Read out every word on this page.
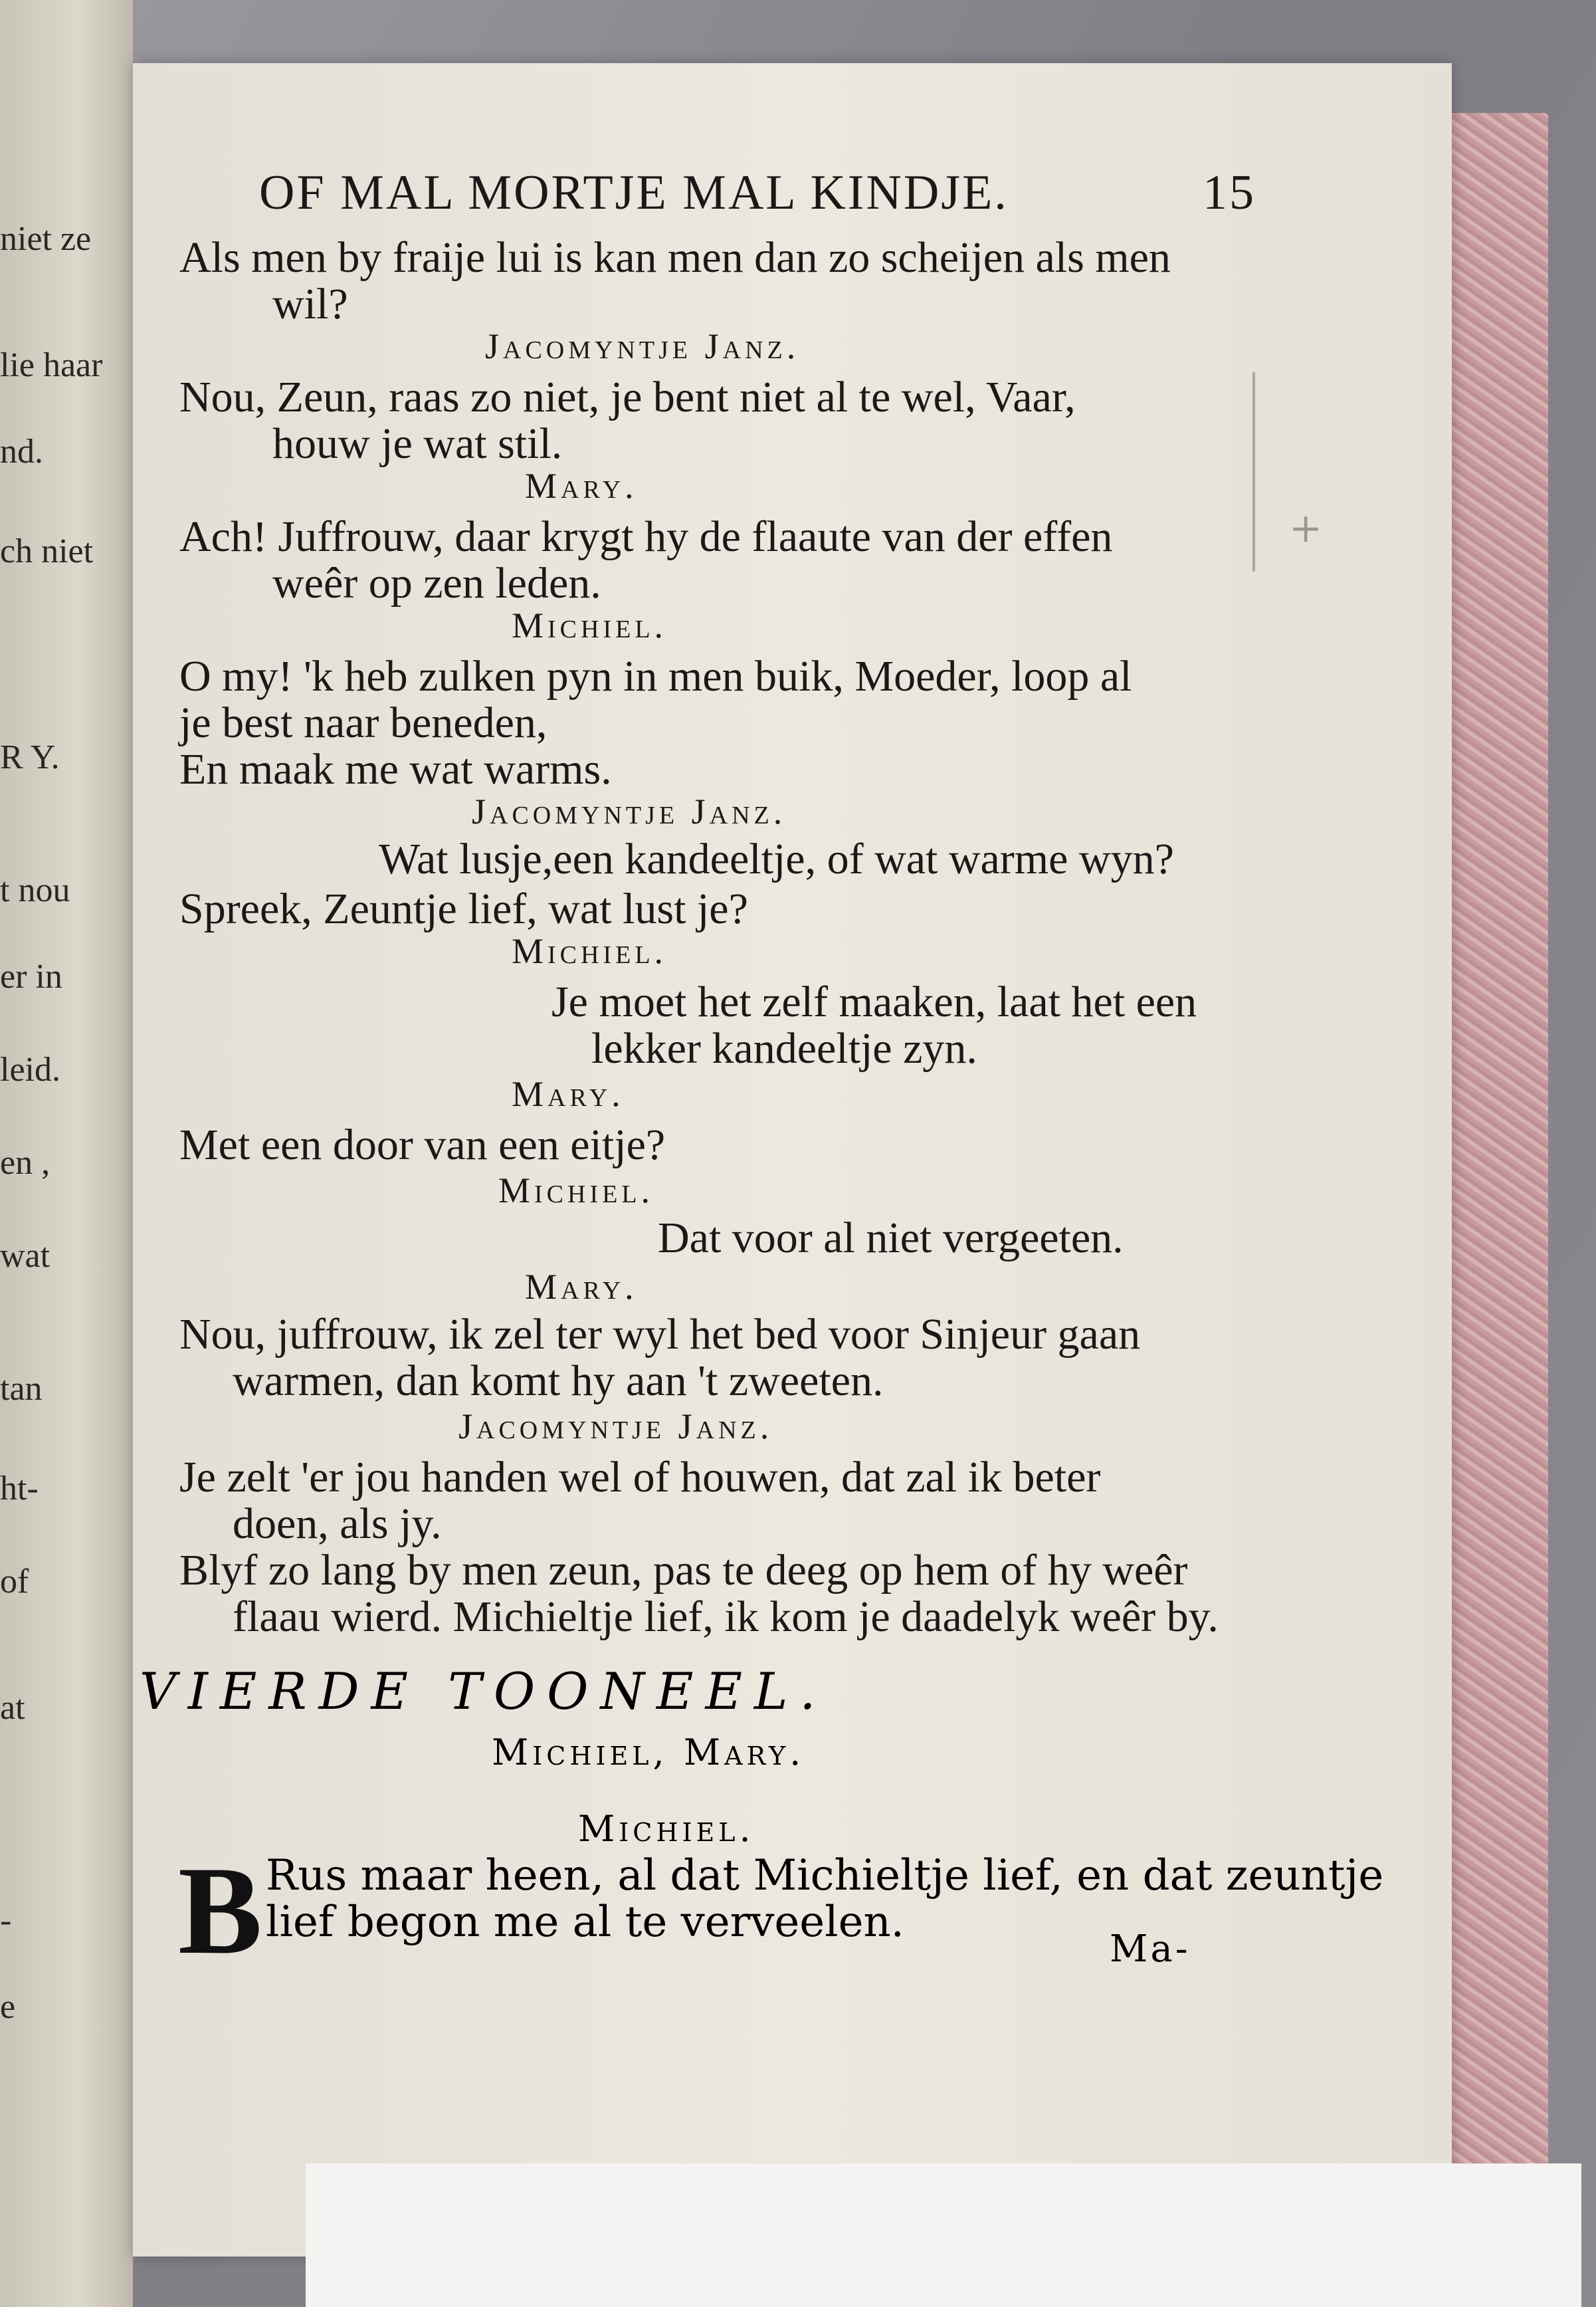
niet ze
lie haar
nd.
ch niet
R Y.
t nou
er in
leid.
en ,
wat
tan
ht-
of
at
-
e
+
OF MAL MORTJE MAL KINDJE.	15
Als men by fraije lui is kan men dan zo scheijen als men
wil?
Jacomyntje Janz.
Nou, Zeun, raas zo niet, je bent niet al te wel, Vaar,
houw je wat stil.
Mary.
Ach! Juffrouw, daar krygt hy de flaaute van der effen
weêr op zen leden.
Michiel.
O my! 'k heb zulken pyn in men buik, Moeder, loop al
je best naar beneden,
En maak me wat warms.
Jacomyntje Janz.
Wat lusje,een kandeeltje, of wat warme wyn?
Spreek, Zeuntje lief, wat lust je?
Michiel.
Je moet het zelf maaken, laat het een
lekker kandeeltje zyn.
Mary.
Met een door van een eitje?
Michiel.
Dat voor al niet vergeeten.
Mary.
Nou, juffrouw, ik zel ter wyl het bed voor Sinjeur gaan
warmen, dan komt hy aan 't zweeten.
Jacomyntje Janz.
Je zelt 'er jou handen wel of houwen, dat zal ik beter
doen, als jy.
Blyf zo lang by men zeun, pas te deeg op hem of hy weêr
flaau wierd. Michieltje lief, ik kom je daadelyk weêr by.
VIERDE TOONEEL.
Michiel, Mary.
Michiel.
B Rus maar heen, al dat Michieltje lief, en dat zeuntje
lief begon me al te verveelen.
Ma-
